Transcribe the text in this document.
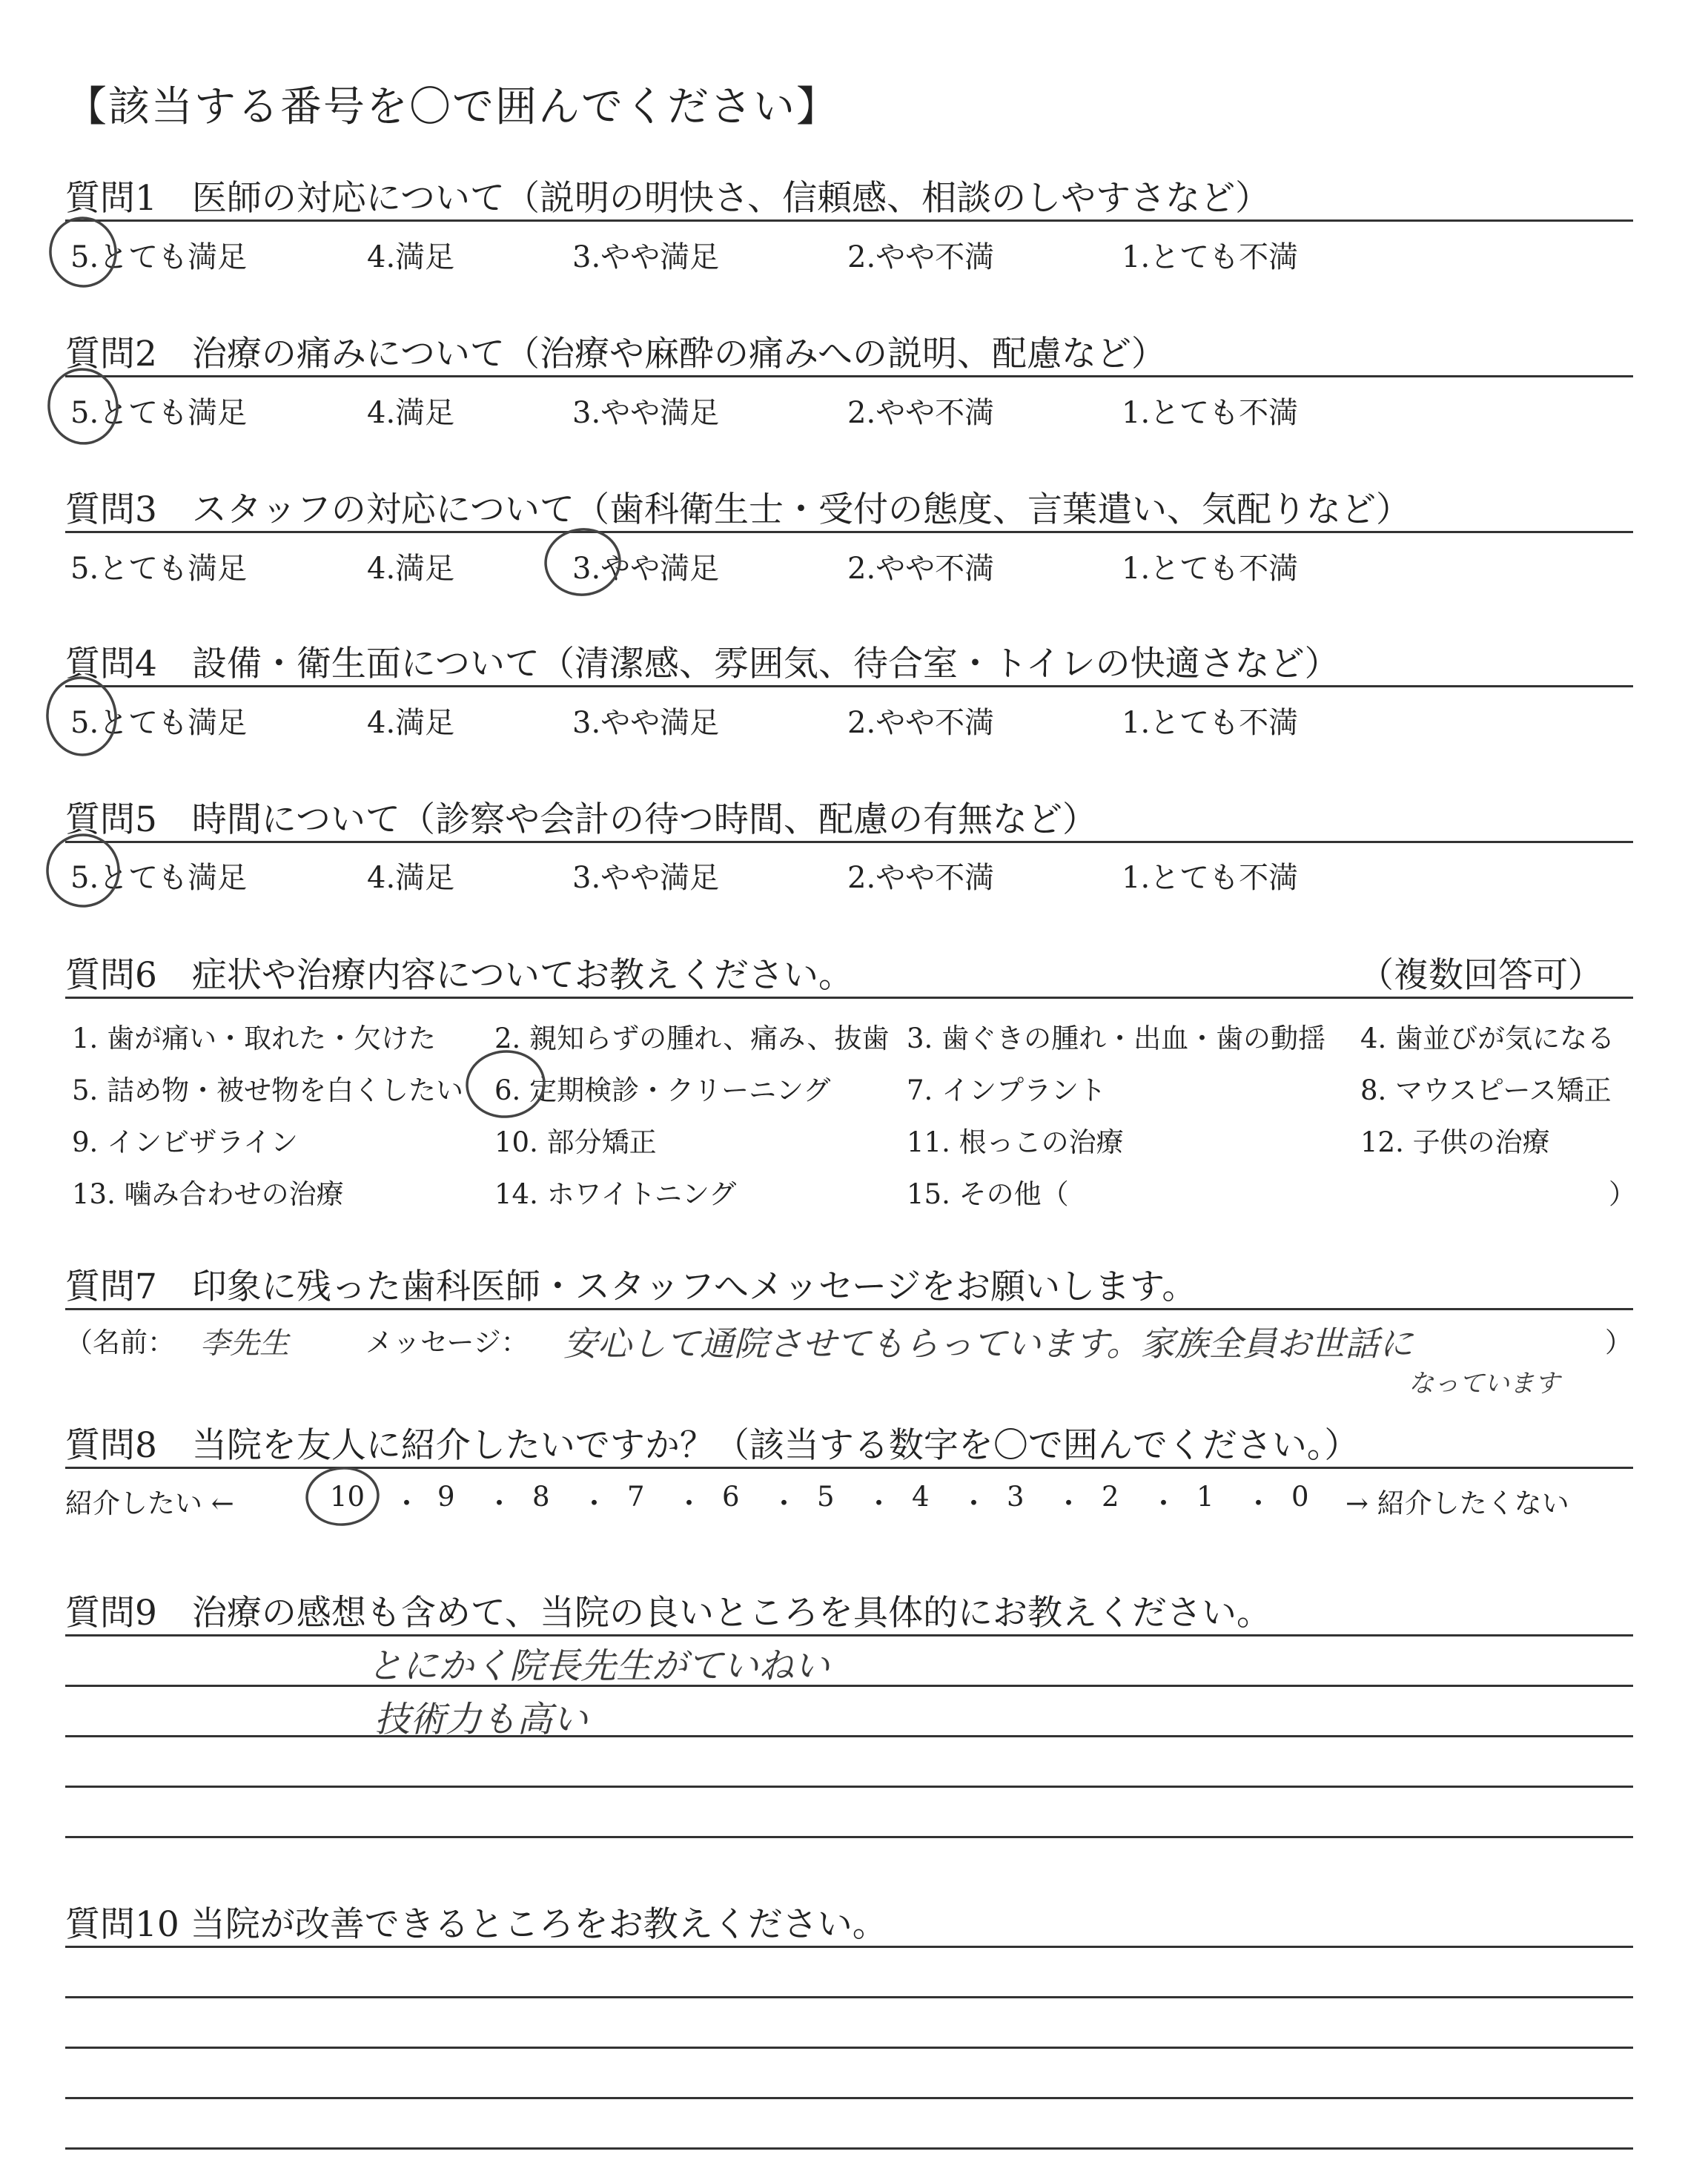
【該当する番号を〇で囲んでください】
質問1　医師の対応について（説明の明快さ、信頼感、相談のしやすさなど）
5.とても満足	4.満足	3.やや満足	2.やや不満	1.とても不満
質問2　治療の痛みについて（治療や麻酔の痛みへの説明、配慮など）
5.とても満足	4.満足	3.やや満足	2.やや不満	1.とても不満
質問3　スタッフの対応について（歯科衛生士・受付の態度、言葉遣い、気配りなど）
5.とても満足	4.満足	3.やや満足	2.やや不満	1.とても不満
質問4　設備・衛生面について（清潔感、雰囲気、待合室・トイレの快適さなど）
5.とても満足	4.満足	3.やや満足	2.やや不満	1.とても不満
質問5　時間について（診察や会計の待つ時間、配慮の有無など）
5.とても満足	4.満足	3.やや満足	2.やや不満	1.とても不満
質問6　症状や治療内容についてお教えください。	（複数回答可）
1. 歯が痛い・取れた・欠けた 2. 親知らずの腫れ、痛み、抜歯 3. 歯ぐきの腫れ・出血・歯の動揺 4. 歯並びが気になる
5. 詰め物・被せ物を白くしたい 6. 定期検診・クリーニング	7. インプラント	8. マウスピース矯正
9. インビザライン	10. 部分矯正	11. 根っこの治療	12. 子供の治療
13. 噛み合わせの治療	14. ホワイトニング	15. その他（	）
質問7　印象に残った歯科医師・スタッフへメッセージをお願いします。
（名前： 李先生	メッセージ： 安心して通院させてもらっています。家族全員お世話に
なっています
）
質問8　当院を友人に紹介したいですか？（該当する数字を〇で囲んでください。）
紹介したい ←	10 ・ 9 ・ 8 ・ 7 ・ 6 ・ 5 ・ 4 ・ 3 ・ 2 ・ 1 ・ 0 → 紹介したくない
質問9　治療の感想も含めて、当院の良いところを具体的にお教えください。
とにかく院長先生がていねい
技術力も高い
質問10 当院が改善できるところをお教えください。
